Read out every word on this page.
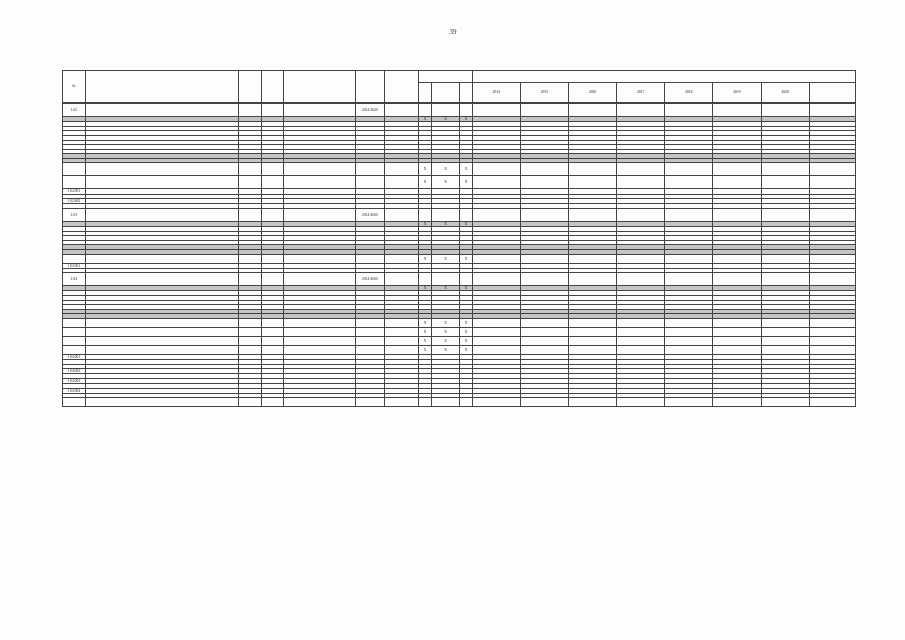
39
№																	
										2014	2015	2016	2017	2018	2019	2020	

1.02					2014-2020												
							X	X	X								

							X	X	X								
							X	X	X								
1.02.001																	

1.02.002																	

1.03					2014-2020												
							X	X	X								

							X	X	X								
1.03.001																	

1.04					2014-2020												
							X	X	X								

							X	X	X								
							X	X	X								
							X	X	X								
							X	X	X								
1.04.001																	

1.04.002																	

1.04.003																	

1.04.004																	
